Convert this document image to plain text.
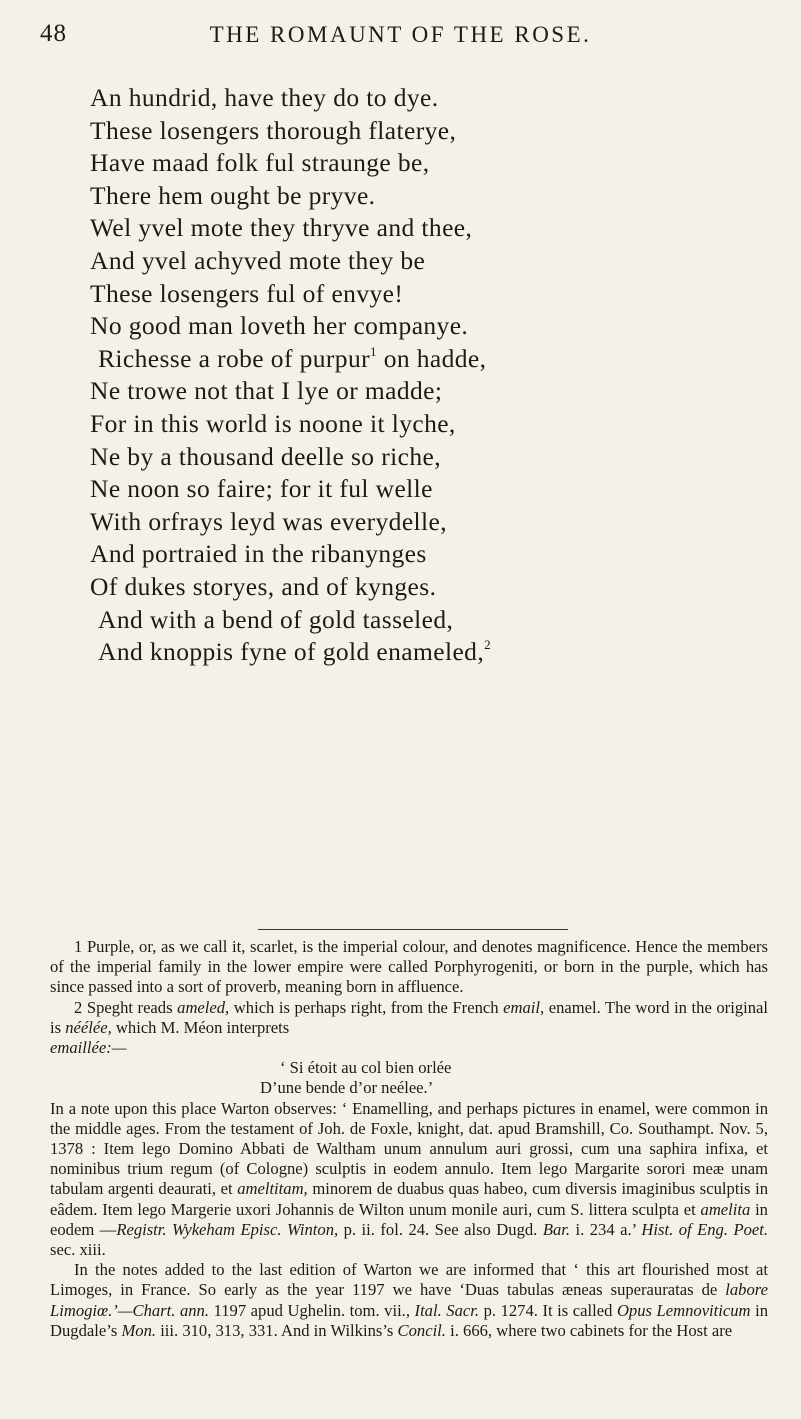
48	THE ROMAUNT OF THE ROSE.
An hundrid, have they do to dye.
These losengers thorough flaterye,
Have maad folk ful straunge be,
There hem ought be pryve.
Wel yvel mote they thryve and thee,
And yvel achyved mote they be
These losengers ful of envye!
No good man loveth her companye.
Richesse a robe of purpur$^1$ on hadde,
Ne trowe not that I lye or madde;
For in this world is noone it lyche,
Ne by a thousand deelle so riche,
Ne noon so faire; for it ful welle
With orfrays leyd was everydelle,
And portraied in the ribanynges
Of dukes storyes, and of kynges.
And with a bend of gold tasseled,
And knoppis fyne of gold enameled,$^2$

1 Purple, or, as we call it, scarlet, is the imperial colour, and denotes magnificence. Hence the members of the imperial family in the lower empire were called Porphyrogeniti, or born in the purple, which has since passed into a sort of proverb, meaning born in affluence.

2 Speght reads ameled, which is perhaps right, from the French email, enamel. The word in the original is néélée, which M. Méon interprets
emaillée:—

‘ Si étoit au col bien orlée

D’une bende d’or neélee.’

In a note upon this place Warton observes: ‘ Enamelling, and perhaps pictures in enamel, were common in the middle ages. From the testament of Joh. de Foxle, knight, dat. apud Bramshill, Co. Southampt. Nov. 5, 1378 : Item lego Domino Abbati de Waltham unum annulum auri grossi, cum una saphira infixa, et nominibus trium regum (of Cologne) sculptis in eodem annulo. Item lego Margarite sorori meæ unam tabulam argenti deaurati, et ameltitam, minorem de duabus quas habeo, cum diversis imaginibus sculptis in eâdem. Item lego Margerie uxori Johannis de Wilton unum monile auri, cum S. littera sculpta et amelita in eodem —Registr. Wykeham Episc. Winton, p. ii. fol. 24. See also Dugd. Bar. i. 234 a.’ Hist. of Eng. Poet. sec. xiii.

In the notes added to the last edition of Warton we are informed that ‘ this art flourished most at Limoges, in France. So early as the year 1197 we have ‘Duas tabulas æneas superauratas de labore Limogiœ.’—Chart. ann. 1197 apud Ughelin. tom. vii., Ital. Sacr. p. 1274. It is called Opus Lemnoviticum in Dugdale’s Mon. iii. 310, 313, 331. And in Wilkins’s Concil. i. 666, where two cabinets for the Host are
